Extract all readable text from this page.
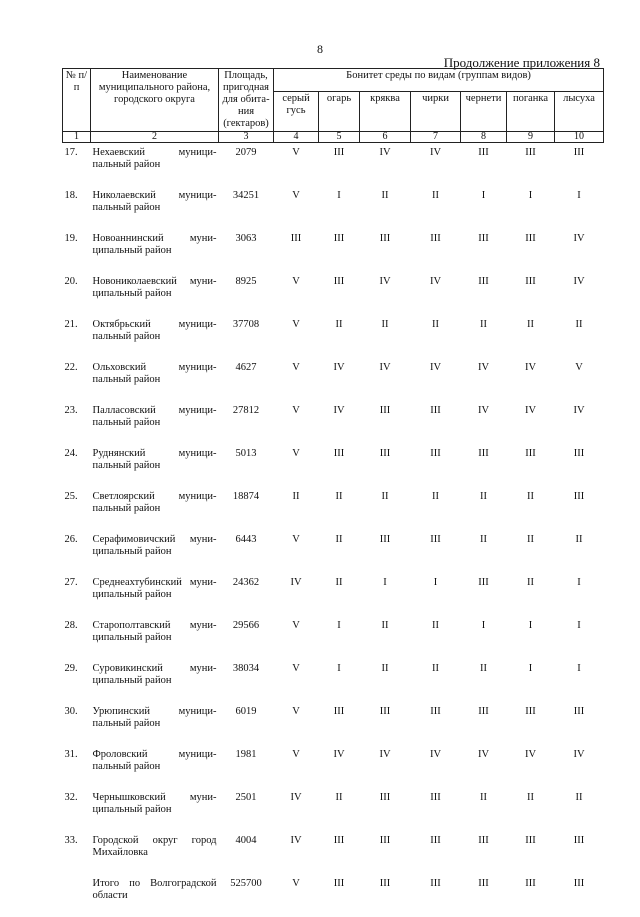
8
Продолжение приложения 8
№ п/п	Наименование муниципального района, городского округа	Площадь, пригодная для обита-ния (гектаров)	Бонитет среды по видам (группам видов)						
			серый гусь	огарь	кряква	чирки	чернети	поганка	лысуха
1	2	3	4	5	6	7	8	9	10
17.	Нехаевский муници-пальный район	2079	V	III	IV	IV	III	III	III
18.	Николаевский муници-пальный район	34251	V	I	II	II	I	I	I
19.	Новоаннинский муни-ципальный район	3063	III	III	III	III	III	III	IV
20.	Новониколаевский муни-ципальный район	8925	V	III	IV	IV	III	III	IV
21.	Октябрьский муници-пальный район	37708	V	II	II	II	II	II	II
22.	Ольховский муници-пальный район	4627	V	IV	IV	IV	IV	IV	V
23.	Палласовский муници-пальный район	27812	V	IV	III	III	IV	IV	IV
24.	Руднянский муници-пальный район	5013	V	III	III	III	III	III	III
25.	Светлоярский муници-пальный район	18874	II	II	II	II	II	II	III
26.	Серафимовичский муни-ципальный район	6443	V	II	III	III	II	II	II
27.	Среднеахтубинский муни-ципальный район	24362	IV	II	I	I	III	II	I
28.	Старополтавский муни-ципальный район	29566	V	I	II	II	I	I	I
29.	Суровикинский муни-ципальный район	38034	V	I	II	II	II	I	I
30.	Урюпинский муници-пальный район	6019	V	III	III	III	III	III	III
31.	Фроловский муници-пальный район	1981	V	IV	IV	IV	IV	IV	IV
32.	Чернышковский муни-ципальный район	2501	IV	II	III	III	II	II	II
33.	Городской округ город Михайловка	4004	IV	III	III	III	III	III	III
	Итого по Волгоградской области	525700	V	III	III	III	III	III	III
